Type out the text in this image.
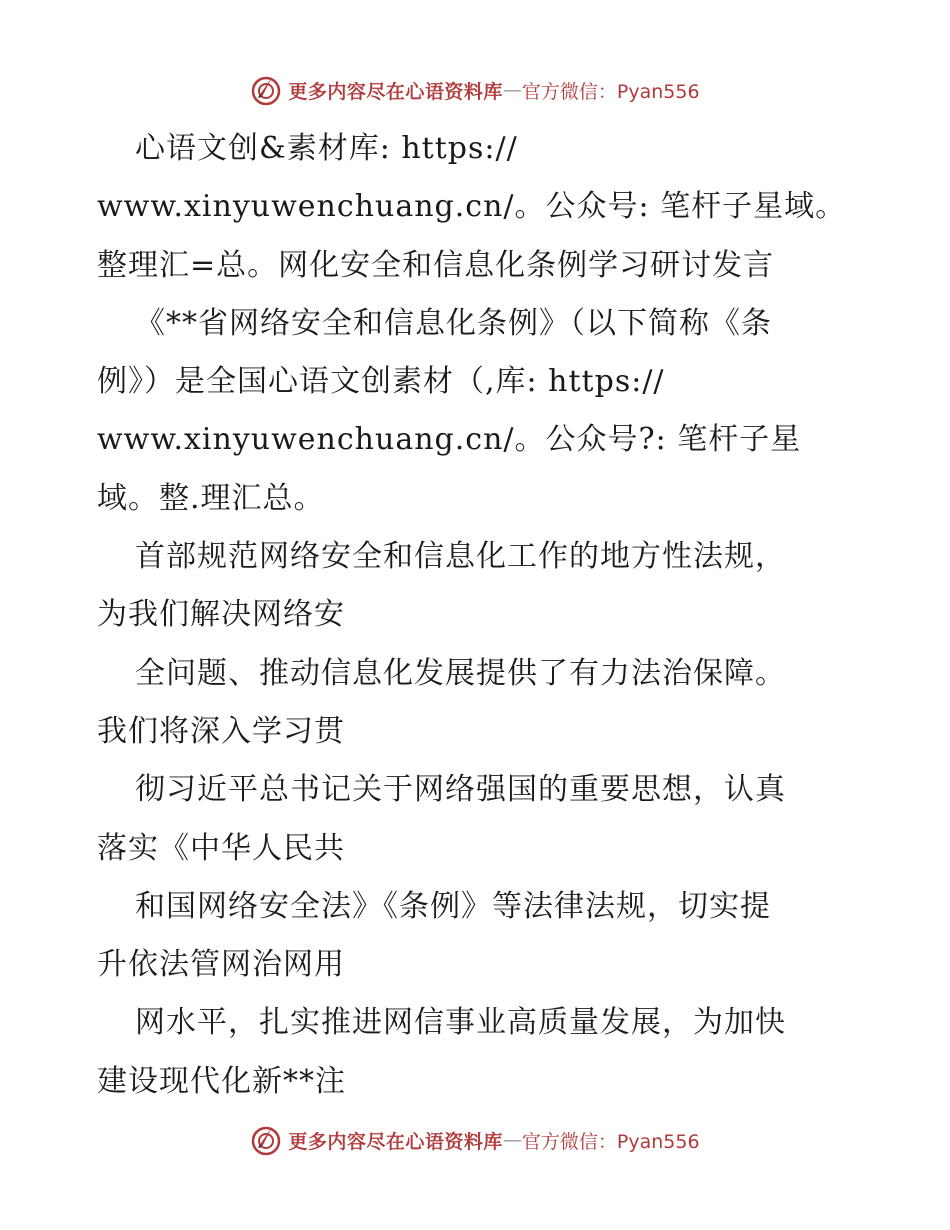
更多内容尽在心语资料库 — 官方微信：Pyan556
心语文创&素材库: https://
www.xinyuwenchuang.cn/。公众号: 笔杆子星域。
整理汇=总。网化安全和信息化条例学习研讨发言
《**省网络安全和信息化条例》（以下简称《条
例》）是全国心语文创素材（,库: https://
www.xinyuwenchuang.cn/。公众号?: 笔杆子星
域。整.理汇总。
首部规范网络安全和信息化工作的地方性法规，
为我们解决网络安
全问题、推动信息化发展提供了有力法治保障。
我们将深入学习贯
彻习近平总书记关于网络强国的重要思想，认真
落实《中华人民共
和国网络安全法》《条例》等法律法规，切实提
升依法管网治网用
网水平，扎实推进网信事业高质量发展，为加快
建设现代化新**注
更多内容尽在心语资料库 — 官方微信：Pyan556
